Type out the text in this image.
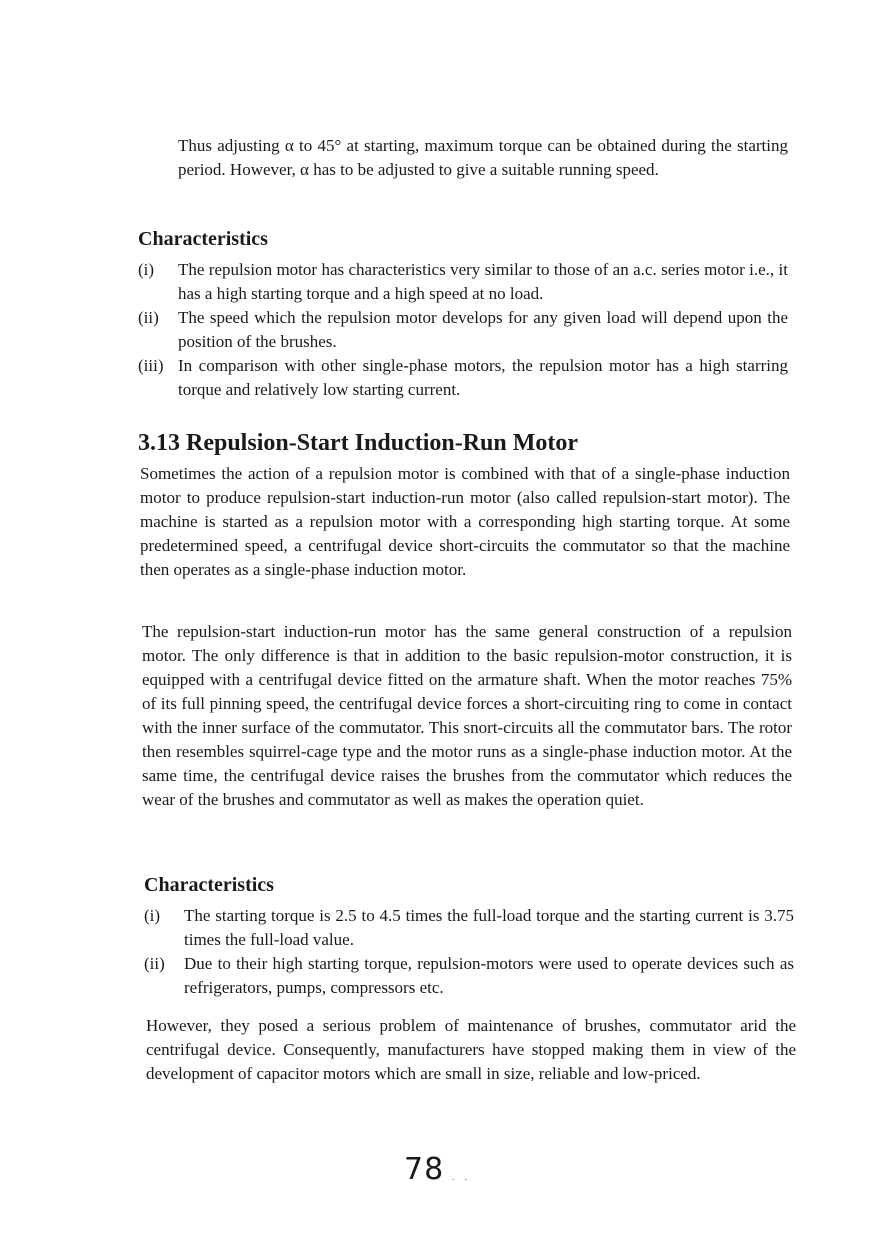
Thus adjusting α to 45° at starting, maximum torque can be obtained during the starting period. However, α has to be adjusted to give a suitable running speed.

Characteristics
(i)	The repulsion motor has characteristics very similar to those of an a.c. series motor i.e., it has a high starting torque and a high speed at no load.
(ii)	The speed which the repulsion motor develops for any given load will depend upon the position of the brushes.
(iii) In comparison with other single-phase motors, the repulsion motor has a high starring torque and relatively low starting current.
3.13 Repulsion-Start Induction-Run Motor

Sometimes the action of a repulsion motor is combined with that of a single-phase induction motor to produce repulsion-start induction-run motor (also called repulsion-start motor). The machine is started as a repulsion motor with a corresponding high starting torque. At some predetermined speed, a centrifugal device short-circuits the commutator so that the machine then operates as a single-phase induction motor.

The repulsion-start induction-run motor has the same general construction of a repulsion motor. The only difference is that in addition to the basic repulsion-motor construction, it is equipped with a centrifugal device fitted on the armature shaft. When the motor reaches 75% of its full pinning speed, the centrifugal device forces a short-circuiting ring to come in contact with the inner surface of the commutator. This snort-circuits all the commutator bars. The rotor then resembles squirrel-cage type and the motor runs as a single-phase induction motor. At the same time, the centrifugal device raises the brushes from the commutator which reduces the wear of the brushes and commutator as well as makes the operation quiet.

Characteristics
(i)	The starting torque is 2.5 to 4.5 times the full-load torque and the starting current is 3.75 times the full-load value.
(ii)	Due to their high starting torque, repulsion-motors were used to operate devices such as refrigerators, pumps, compressors etc.

However, they posed a serious problem of maintenance of brushes, commutator arid the centrifugal device. Consequently, manufacturers have stopped making them in view of the development of capacitor motors which are small in size, reliable and low-priced.

78 ..
